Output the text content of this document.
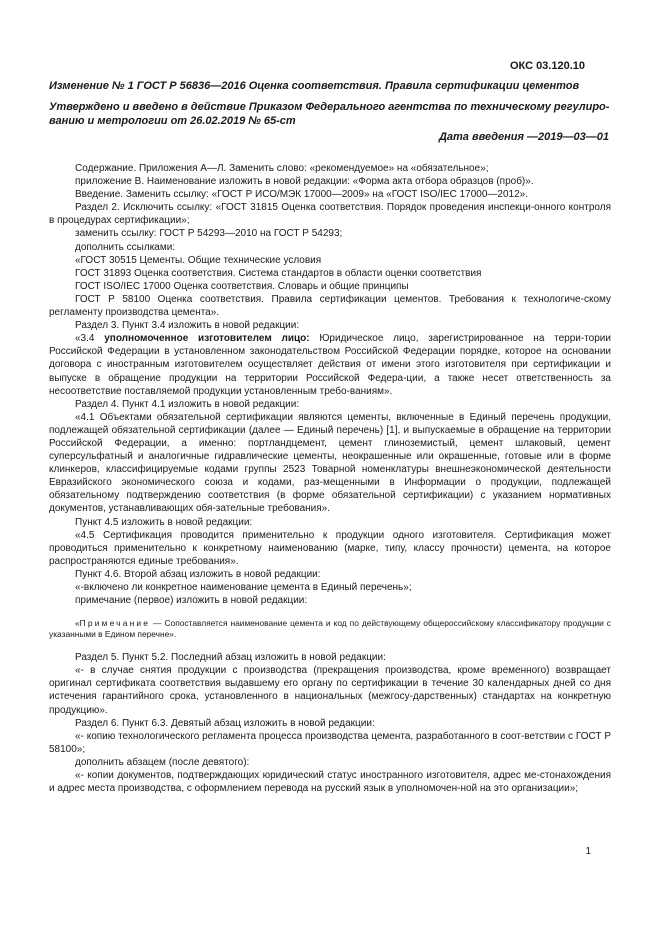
ОКС 03.120.10
Изменение № 1 ГОСТ Р 56836—2016 Оценка соответствия. Правила сертификации цементов
Утверждено и введено в действие Приказом Федерального агентства по техническому регулиро-
ванию и метрологии от 26.02.2019 № 65-ст
Дата введения —2019—03—01

Содержание. Приложения А—Л. Заменить слово: «рекомендуемое» на «обязательное»;

приложение В. Наименование изложить в новой редакции: «Форма акта отбора образцов (проб)».

Введение. Заменить ссылку: «ГОСТ Р ИСО/МЭК 17000—2009» на «ГОСТ ISO/IEC 17000—2012».

Раздел 2. Исключить ссылку: «ГОСТ 31815 Оценка соответствия. Порядок проведения инспекци-онного контроля в процедурах сертификации»;

заменить ссылку: ГОСТ Р 54293—2010 на ГОСТ Р 54293;

дополнить ссылками:

«ГОСТ 30515 Цементы. Общие технические условия

ГОСТ 31893 Оценка соответствия. Система стандартов в области оценки соответствия

ГОСТ ISO/IEC 17000 Оценка соответствия. Словарь и общие принципы

ГОСТ Р 58100 Оценка соответствия. Правила сертификации цементов. Требования к технологиче-скому регламенту производства цемента».

Раздел 3. Пункт 3.4 изложить в новой редакции:

«3.4 уполномоченное изготовителем лицо: Юридическое лицо, зарегистрированное на терри-тории Российской Федерации в установленном законодательством Российской Федерации порядке, которое на основании договора с иностранным изготовителем осуществляет действия от имени этого изготовителя при сертификации и выпуске в обращение продукции на территории Российской Федера-ции, а также несет ответственность за несоответствие поставляемой продукции установленным требо-ваниям».

Раздел 4. Пункт 4.1 изложить в новой редакции:

«4.1 Объектами обязательной сертификации являются цементы, включенные в Единый перечень продукции, подлежащей обязательной сертификации (далее — Единый перечень) [1], и выпускаемые в обращение на территории Российской Федерации, а именно: портландцемент, цемент глиноземистый, цемент шлаковый, цемент суперсульфатный и аналогичные гидравлические цементы, неокрашенные или окрашенные, готовые или в форме клинкеров, классифицируемые кодами группы 2523 Товарной номенклатуры внешнеэкономической деятельности Евразийского экономического союза и кодами, раз-мещенными в Информации о продукции, подлежащей обязательному подтверждению соответствия (в форме обязательной сертификации) с указанием нормативных документов, устанавливающих обя-зательные требования».

Пункт 4.5 изложить в новой редакции:

«4.5 Сертификация проводится применительно к продукции одного изготовителя. Сертификация может проводиться применительно к конкретному наименованию (марке, типу, классу прочности) цемента, на которое распространяются единые требования».

Пункт 4.6. Второй абзац изложить в новой редакции:

«-включено ли конкретное наименование цемента в Единый перечень»;

примечание (первое) изложить в новой редакции:

«Примечание — Сопоставляется наименование цемента и код по действующему общероссийскому классификатору продукции с указанными в Едином перечне».

Раздел 5. Пункт 5.2. Последний абзац изложить в новой редакции:

«- в случае снятия продукции с производства (прекращения производства, кроме временного) возвращает оригинал сертификата соответствия выдавшему его органу по сертификации в течение 30 календарных дней со дня истечения гарантийного срока, установленного в национальных (межгосу-дарственных) стандартах на конкретную продукцию».

Раздел 6. Пункт 6.3. Девятый абзац изложить в новой редакции:

«- копию технологического регламента процесса производства цемента, разработанного в соот-ветствии с ГОСТ Р 58100»;

дополнить абзацем (после девятого):

«- копии документов, подтверждающих юридический статус иностранного изготовителя, адрес ме-стонахождения и адрес места производства, с оформлением перевода на русский язык в уполномочен-ной на это организации»;

1
